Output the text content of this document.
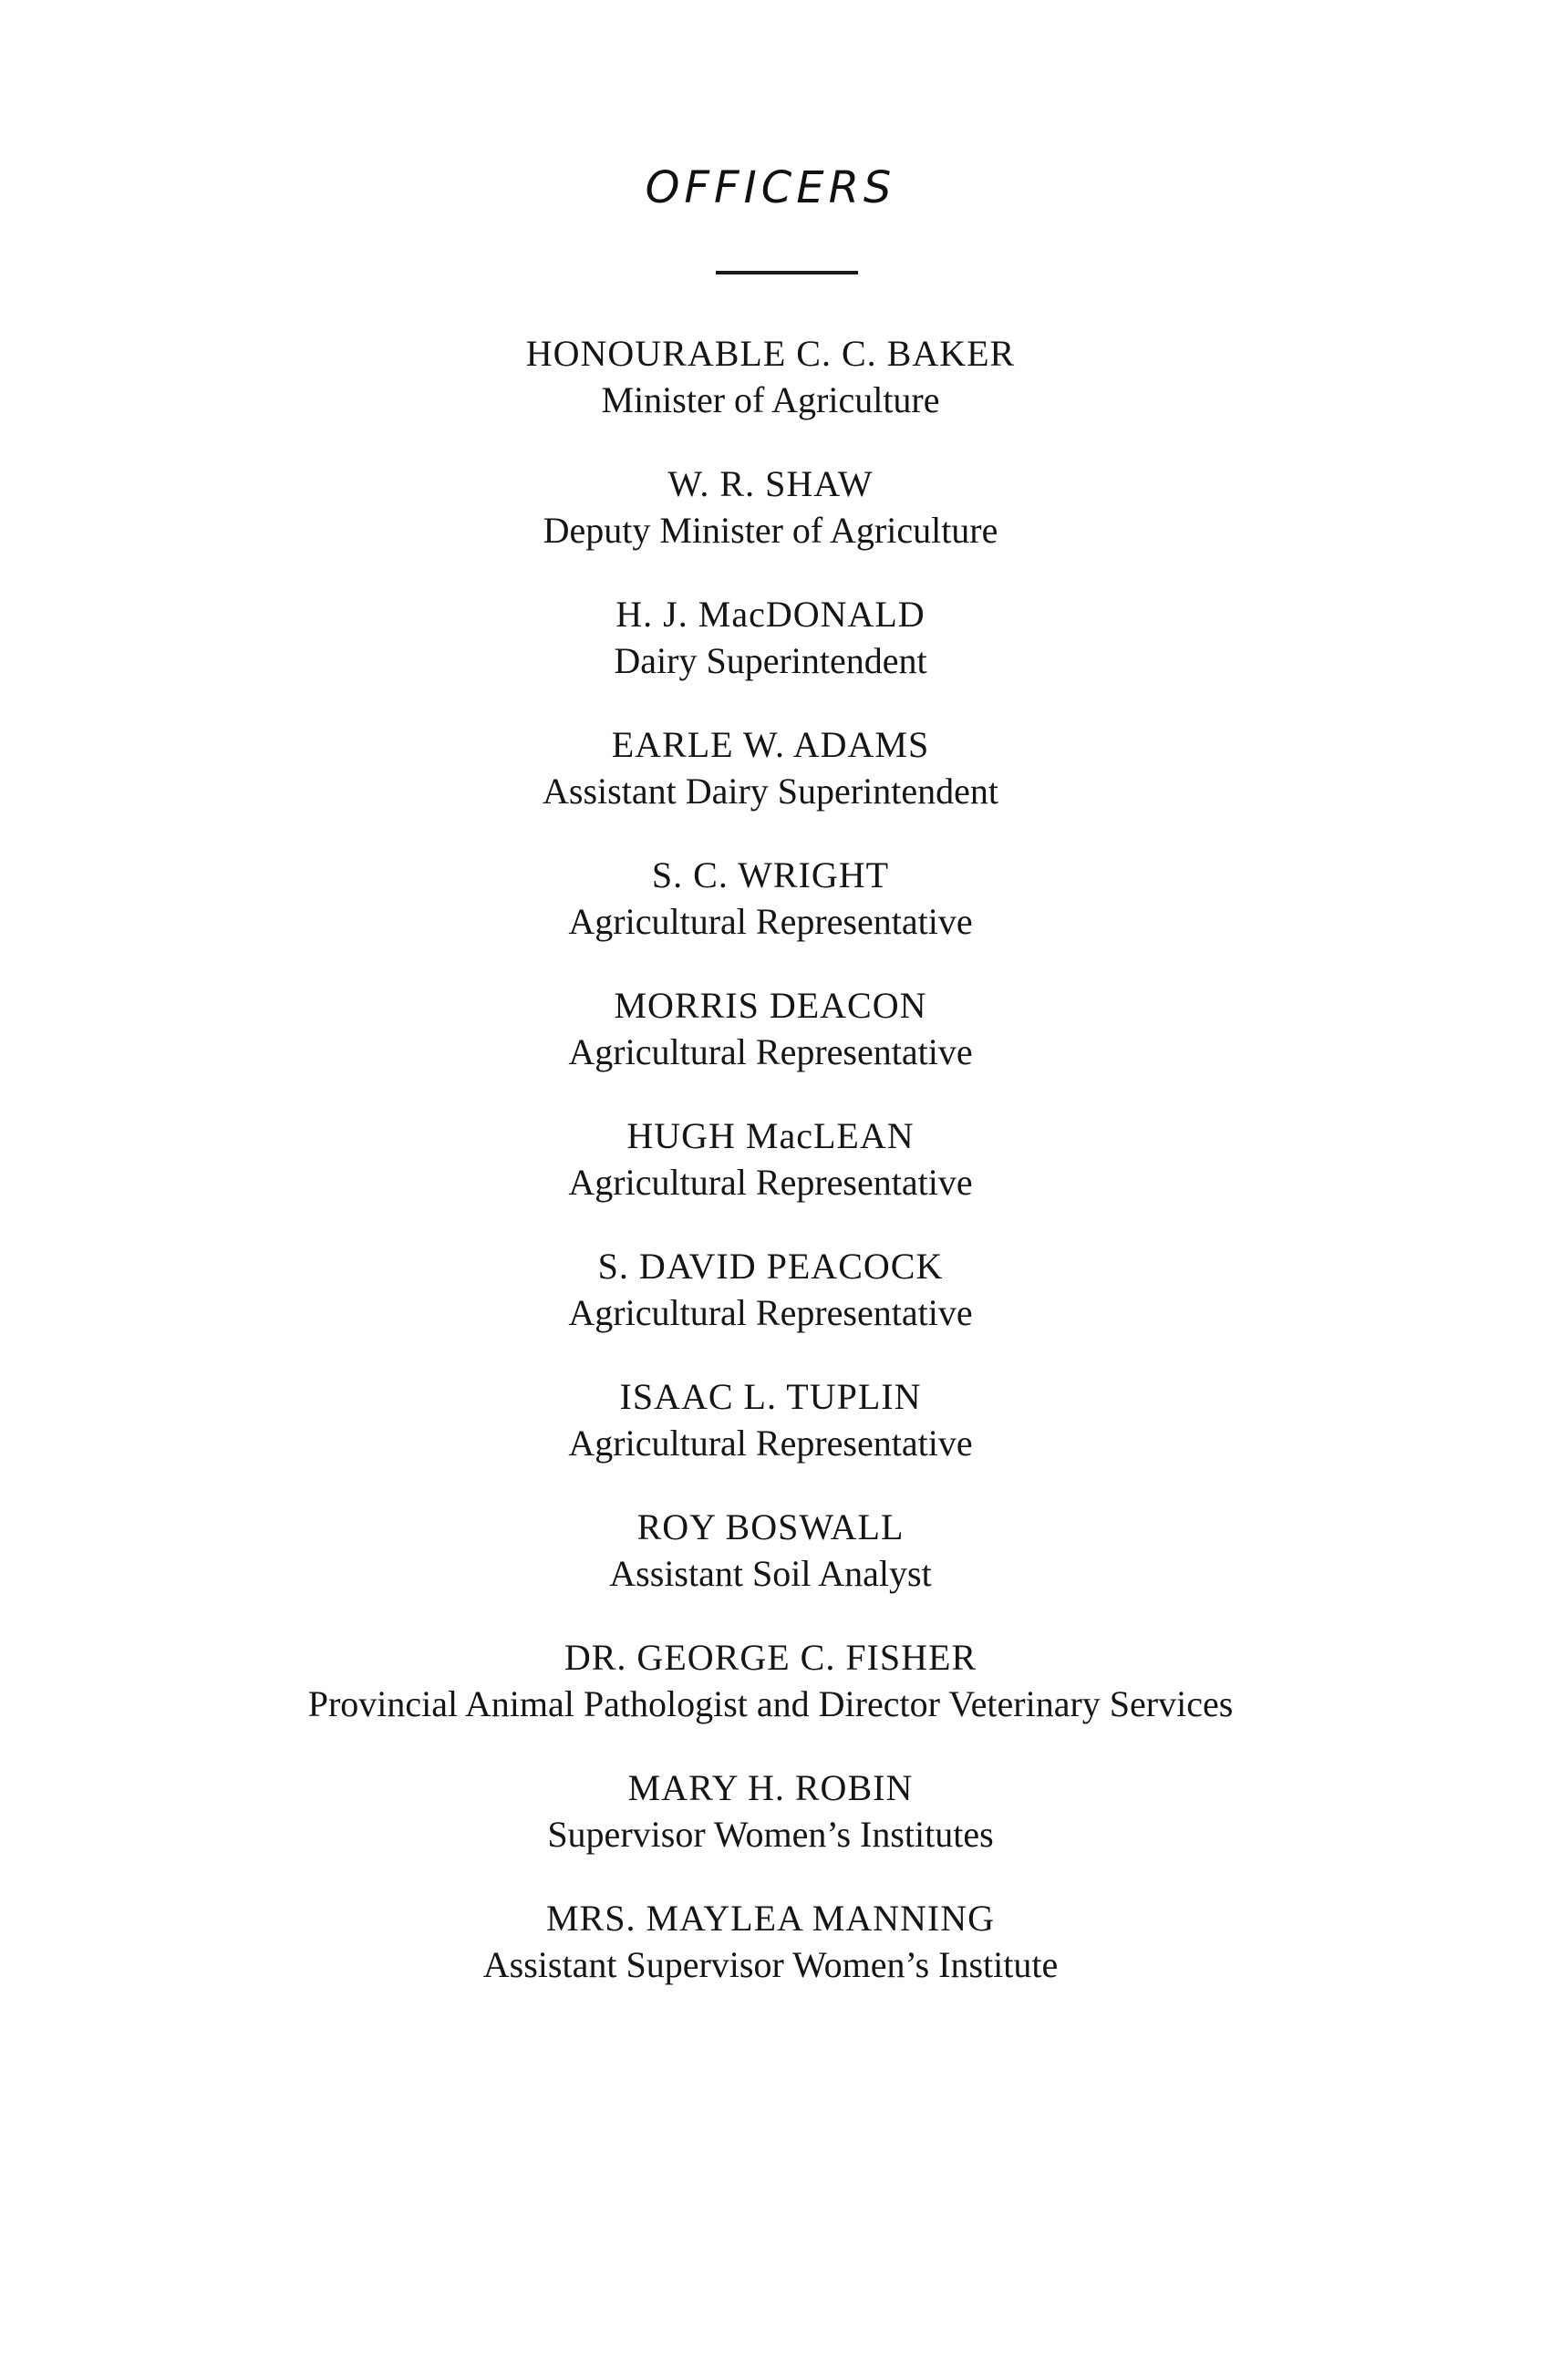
OFFICERS
HONOURABLE C. C. BAKER
Minister of Agriculture
W. R. SHAW
Deputy Minister of Agriculture
H. J. MacDONALD
Dairy Superintendent
EARLE W. ADAMS
Assistant Dairy Superintendent
S. C. WRIGHT
Agricultural Representative
MORRIS DEACON
Agricultural Representative
HUGH MacLEAN
Agricultural Representative
S. DAVID PEACOCK
Agricultural Representative
ISAAC L. TUPLIN
Agricultural Representative
ROY BOSWALL
Assistant Soil Analyst
DR. GEORGE C. FISHER
Provincial Animal Pathologist and Director Veterinary Services
MARY H. ROBIN
Supervisor Women’s Institutes
MRS. MAYLEA MANNING
Assistant Supervisor Women’s Institute
